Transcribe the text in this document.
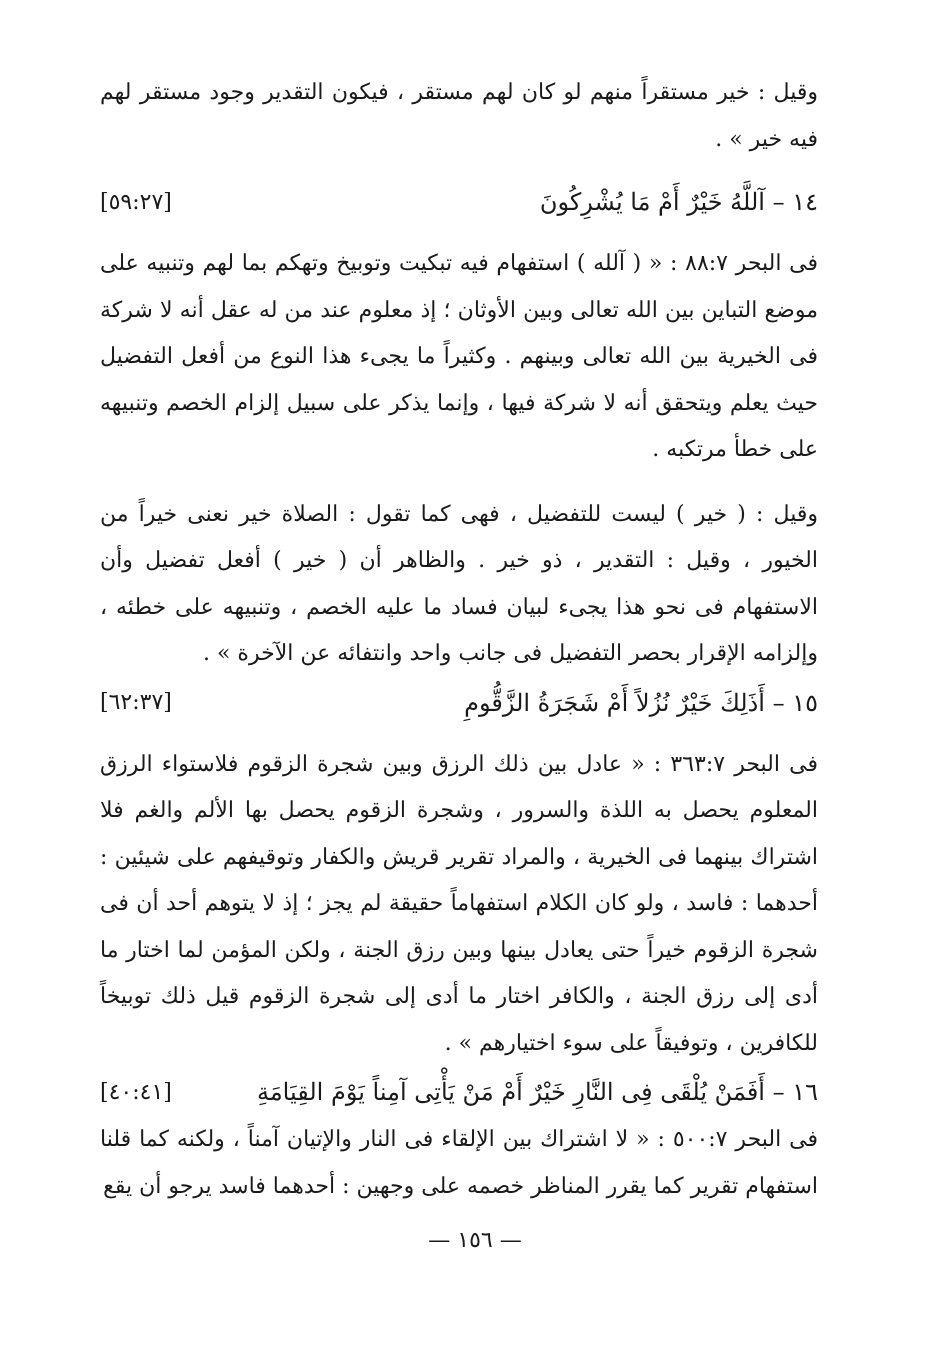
وقيل : خير مستقراً منهم لو كان لهم مستقر ، فيكون التقدير وجود مستقر لهم فيه خير » .

١٤ – آللَّهُ خَيْرٌ أَمْ مَا يُشْرِكُونَ
[٥٩:٢٧]

فى البحر ٨٨:٧ : « ( آلله ) استفهام فيه تبكيت وتوبيخ وتهكم بما لهم وتنبيه على موضع التباين بين الله تعالى وبين الأوثان ؛ إذ معلوم عند من له عقل أنه لا شركة فى الخيرية بين الله تعالى وبينهم . وكثيراً ما يجىء هذا النوع من أفعل التفضيل حيث يعلم ويتحقق أنه لا شركة فيها ، وإنما يذكر على سبيل إلزام الخصم وتنبيهه على خطأ مرتكبه .

وقيل : ( خير ) ليست للتفضيل ، فهى كما تقول : الصلاة خير نعنى خيراً من الخيور ، وقيل : التقدير ، ذو خير . والظاهر أن ( خير ) أفعل تفضيل وأن الاستفهام فى نحو هذا يجىء لبيان فساد ما عليه الخصم ، وتنبيهه على خطئه ، وإلزامه الإقرار بحصر التفضيل فى جانب واحد وانتفائه عن الآخرة » .

١٥ – أَذَلِكَ خَيْرٌ نُزُلاً أَمْ شَجَرَةُ الزَّقُّومِ
[٦٢:٣٧]

فى البحر ٣٦٣:٧ : « عادل بين ذلك الرزق وبين شجرة الزقوم فلاستواء الرزق المعلوم يحصل به اللذة والسرور ، وشجرة الزقوم يحصل بها الألم والغم فلا اشتراك بينهما فى الخيرية ، والمراد تقرير قريش والكفار وتوقيفهم على شيئين : أحدهما : فاسد ، ولو كان الكلام استفهاماً حقيقة لم يجز ؛ إذ لا يتوهم أحد أن فى شجرة الزقوم خيراً حتى يعادل بينها وبين رزق الجنة ، ولكن المؤمن لما اختار ما أدى إلى رزق الجنة ، والكافر اختار ما أدى إلى شجرة الزقوم قيل ذلك توبيخاً للكافرين ، وتوفيقاً على سوء اختيارهم » .

١٦ – أَفَمَنْ يُلْقَى فِى النَّارِ خَيْرٌ أَمْ مَنْ يَأْتِى آمِناً يَوْمَ القِيَامَةِ
[٤٠:٤١]

فى البحر ٥٠٠:٧ : « لا اشتراك بين الإلقاء فى النار والإتيان آمناً ، ولكنه كما قلنا استفهام تقرير كما يقرر المناظر خصمه على وجهين : أحدهما فاسد يرجو أن يقع

— ١٥٦ —
